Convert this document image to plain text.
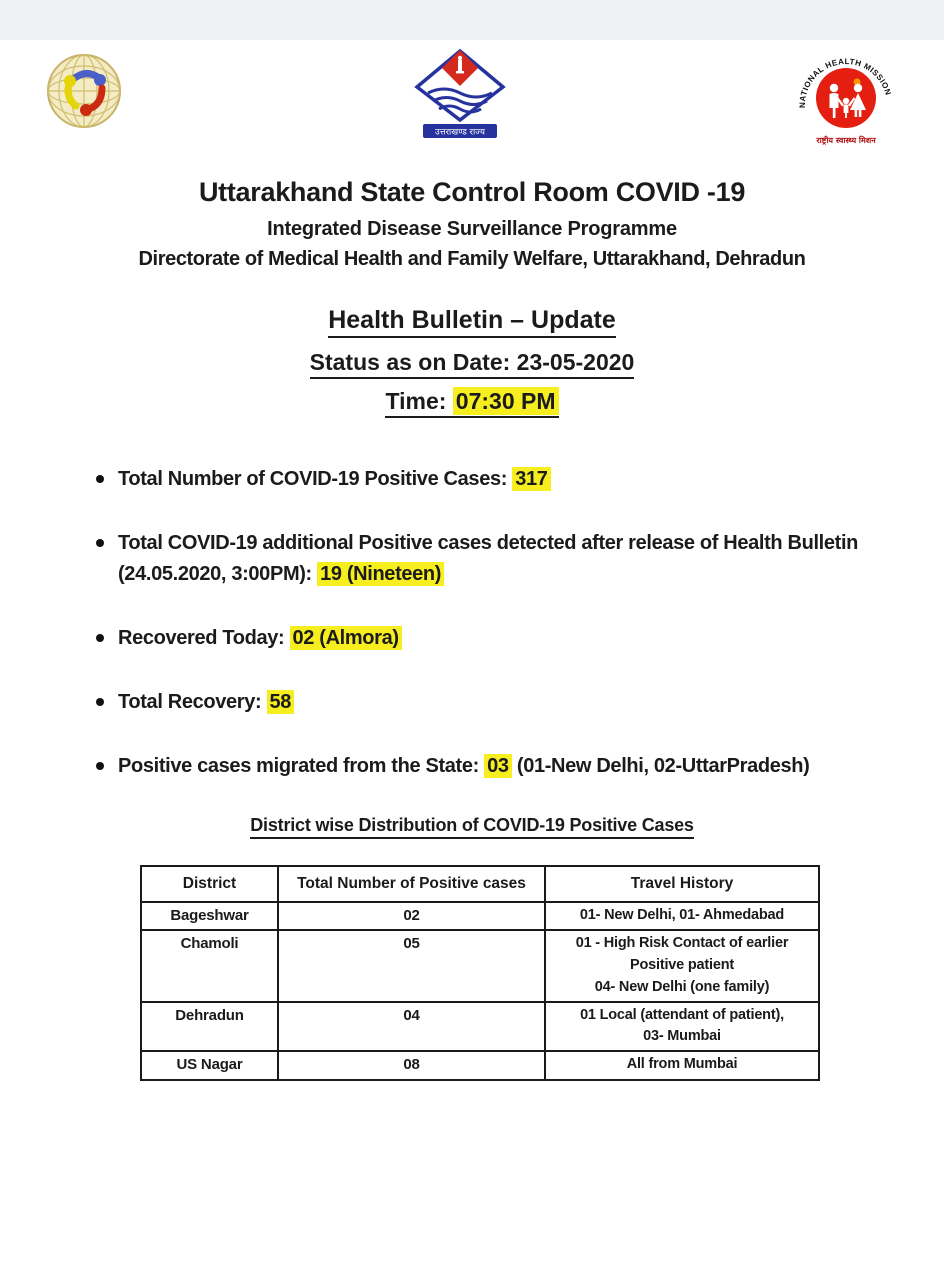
उत्तराखण्ड राज्य
NATIONAL HEALTH MISSION
राष्ट्रीय स्वास्थ्य मिशन
Uttarakhand State Control Room COVID -19
Integrated Disease Surveillance Programme
Directorate of Medical Health and Family Welfare, Uttarakhand, Dehradun
Health Bulletin – Update
Status as on Date: 23-05-2020
Time: 07:30 PM
Total Number of COVID-19 Positive Cases: 317
Total COVID-19 additional Positive cases detected after release of Health Bulletin (24.05.2020, 3:00PM): 19 (Nineteen)
Recovered Today: 02 (Almora)
Total Recovery: 58
Positive cases migrated from the State: 03 (01-New Delhi, 02-UttarPradesh)
District wise Distribution of COVID-19 Positive Cases
District	Total Number of Positive cases	Travel History
Bageshwar	02	01- New Delhi, 01- Ahmedabad

Chamoli	05	01 - High Risk Contact of earlier
Positive patient
04- New Delhi (one family)

Dehradun	04	01 Local (attendant of patient),
03- Mumbai

US Nagar	08	All from Mumbai
